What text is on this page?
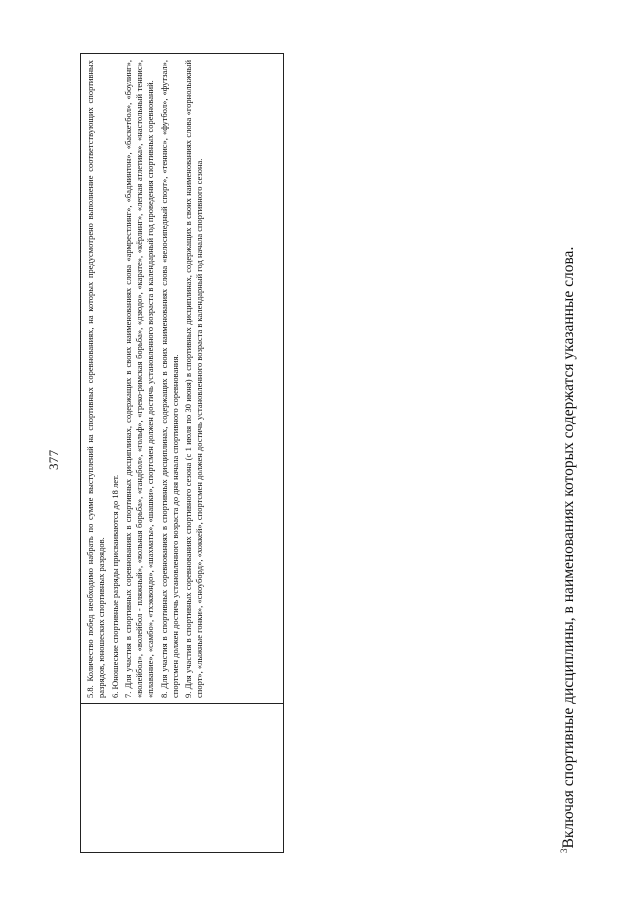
377	5.8. Количество побед необходимо набрать по сумме выступлений на спортивных соревнованиях, на которых предусмотрено выполнение соответствующих спортивных разрядов, юношеских спортивных разрядов. 6. Юношеские спортивные разряды присваиваются до 18 лет. 7. Для участия в спортивных соревнованиях в спортивных дисциплинах, содержащих в своих наименованиях слова «армрестлинг», «бадминтон», «баскетбол», «боулинг», «волейбол», «волейбол - пляжный», «вольная борьба», «гандбол», «гольф», «греко-римская борьба», «дзюдо», «карате», «кёрлинг», «легкая атлетика», «настольный теннис», «плавание», «самбо», «тхэквондо», «шахматы», «шашки», спортсмен должен достичь установленного возраста в календарный год проведения спортивных соревнований. 8. Для участия в спортивных соревнованиях в спортивных дисциплинах, содержащих в своих наименованиях слова «велосипедный спорт», «теннис», «футбол», «футзал», спортсмен должен достичь установленного возраста до дня начала спортивного соревнования. 9. Для участия в спортивных соревнованиях спортивного сезона (с 1 июля по 30 июня) в спортивных дисциплинах, содержащих в своих наименованиях слова «горнолыжный спорт», «лыжные гонки», «сноуборд», «хоккей», спортсмен должен достичь установленного возраста в календарный год начала спортивного сезона.

$^3$Включая спортивные дисциплины, в наименованиях которых содержатся указанные слова.
